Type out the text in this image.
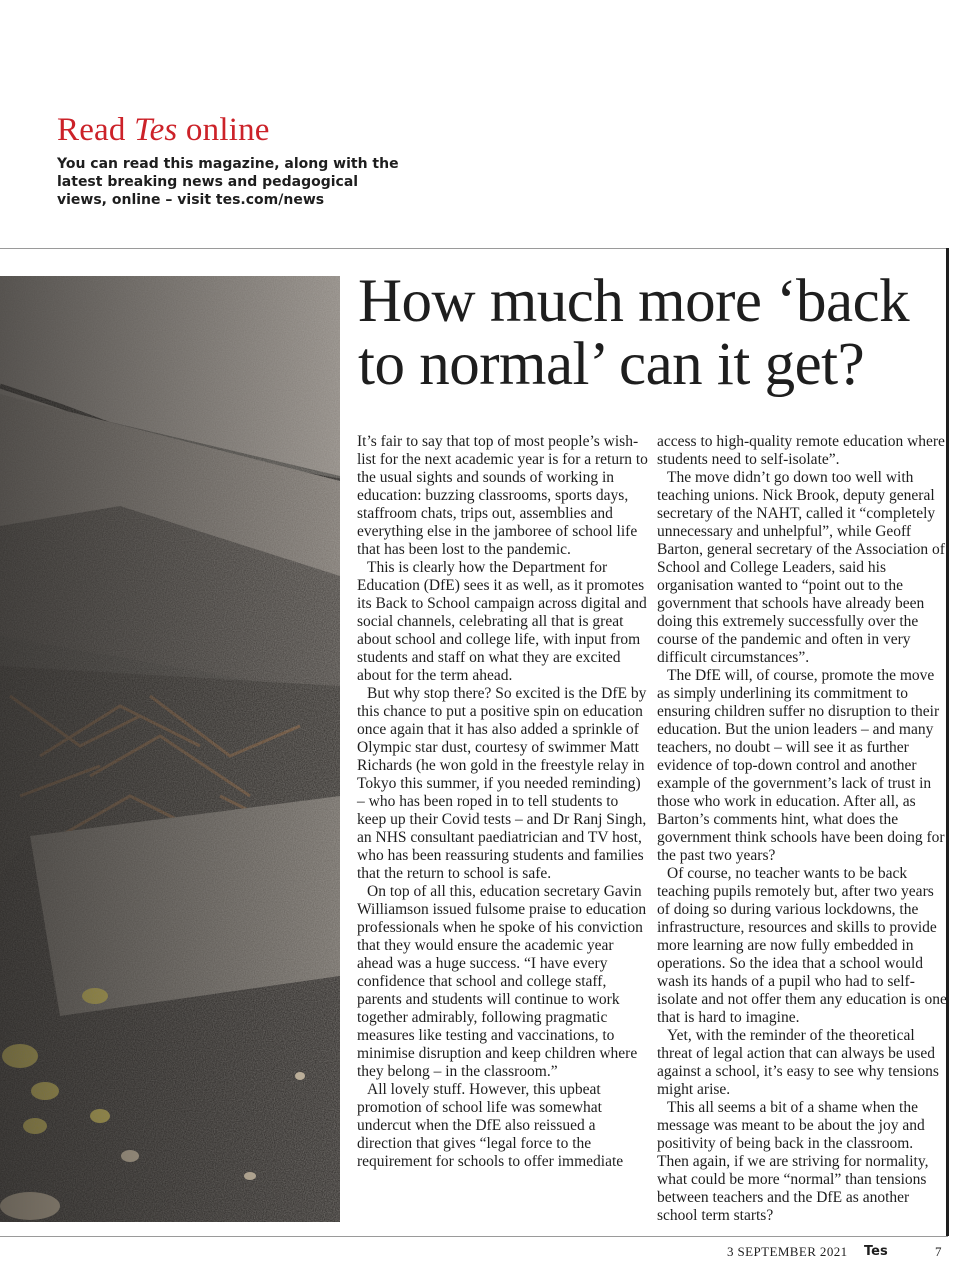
Read Tes online

You can read this magazine, along with the latest breaking news and pedagogical views, online – visit tes.com/news

How much more ‘back to normal’ can it get?

It’s fair to say that top of most people’s wish-list for the next academic year is for a return to the usual sights and sounds of working in education: buzzing classrooms, sports days, staffroom chats, trips out, assemblies and everything else in the jamboree of school life that has been lost to the pandemic.

This is clearly how the Department for Education (DfE) sees it as well, as it promotes its Back to School campaign across digital and social channels, celebrating all that is great about school and college life, with input from students and staff on what they are excited about for the term ahead.

But why stop there? So excited is the DfE by this chance to put a positive spin on education once again that it has also added a sprinkle of Olympic star dust, courtesy of swimmer Matt Richards (he won gold in the freestyle relay in Tokyo this summer, if you needed reminding) – who has been roped in to tell students to keep up their Covid tests – and Dr Ranj Singh, an NHS consultant paediatrician and TV host, who has been reassuring students and families that the return to school is safe.

On top of all this, education secretary Gavin Williamson issued fulsome praise to education professionals when he spoke of his conviction that they would ensure the academic year ahead was a huge success. “I have every confidence that school and college staff, parents and students will continue to work together admirably, following pragmatic measures like testing and vaccinations, to minimise disruption and keep children where they belong – in the classroom.”

All lovely stuff. However, this upbeat promotion of school life was somewhat undercut when the DfE also reissued a direction that gives “legal force to the requirement for schools to offer immediate

access to high-quality remote education where students need to self-isolate”.

The move didn’t go down too well with teaching unions. Nick Brook, deputy general secretary of the NAHT, called it “completely unnecessary and unhelpful”, while Geoff Barton, general secretary of the Association of School and College Leaders, said his organisation wanted to “point out to the government that schools have already been doing this extremely successfully over the course of the pandemic and often in very difficult circumstances”.

The DfE will, of course, promote the move as simply underlining its commitment to ensuring children suffer no disruption to their education. But the union leaders – and many teachers, no doubt – will see it as further evidence of top-down control and another example of the government’s lack of trust in those who work in education. After all, as Barton’s comments hint, what does the government think schools have been doing for the past two years?

Of course, no teacher wants to be back teaching pupils remotely but, after two years of doing so during various lockdowns, the infrastructure, resources and skills to provide more learning are now fully embedded in operations. So the idea that a school would wash its hands of a pupil who had to self-isolate and not offer them any education is one that is hard to imagine.

Yet, with the reminder of the theoretical threat of legal action that can always be used against a school, it’s easy to see why tensions might arise.

This all seems a bit of a shame when the message was meant to be about the joy and positivity of being back in the classroom. Then again, if we are striving for normality, what could be more “normal” than tensions between teachers and the DfE as another school term starts?

3 SEPTEMBER 2021 Tes	7
